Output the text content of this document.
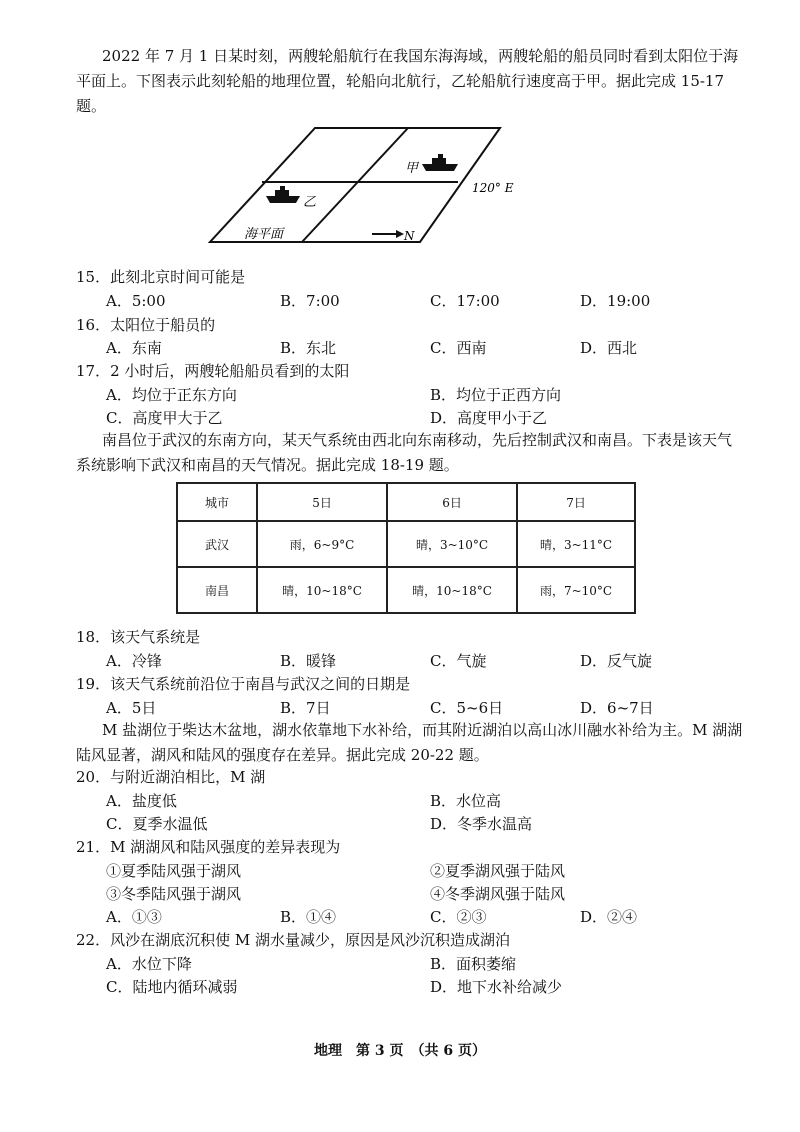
2022 年 7 月 1 日某时刻，两艘轮船航行在我国东海海域，两艘轮船的船员同时看到太阳位于海平面上。下图表示此刻轮船的地理位置，轮船向北航行，乙轮船航行速度高于甲。据此完成 15-17 题。
甲
乙
120° E
海平面	N
15．此刻北京时间可能是
A．5:00	B．7:00	C．17:00	D．19:00
16．太阳位于船员的
A．东南	B．东北	C．西南	D．西北
17．2 小时后，两艘轮船船员看到的太阳
A．均位于正东方向	B．均位于正西方向
C．高度甲大于乙	D．高度甲小于乙
南昌位于武汉的东南方向，某天气系统由西北向东南移动，先后控制武汉和南昌。下表是该天气系统影响下武汉和南昌的天气情况。据此完成 18-19 题。
城市	5日	6日	7日
武汉	雨，6~9°C	晴，3~10°C	晴，3~11°C
南昌	晴，10~18°C	晴，10~18°C	雨，7~10°C
18．该天气系统是
A．冷锋	B．暖锋	C．气旋	D．反气旋
19．该天气系统前沿位于南昌与武汉之间的日期是
A．5日	B．7日	C．5~6日	D．6~7日
M 盐湖位于柴达木盆地，湖水依靠地下水补给，而其附近湖泊以高山冰川融水补给为主。M 湖湖陆风显著，湖风和陆风的强度存在差异。据此完成 20-22 题。
20．与附近湖泊相比，M 湖
A．盐度低	B．水位高
C．夏季水温低	D．冬季水温高
21．M 湖湖风和陆风强度的差异表现为
①夏季陆风强于湖风	②夏季湖风强于陆风
③冬季陆风强于湖风	④冬季湖风强于陆风
A．①③	B．①④	C．②③	D．②④
22．风沙在湖底沉积使 M 湖水量减少，原因是风沙沉积造成湖泊
A．水位下降	B．面积萎缩
C．陆地内循环减弱	D．地下水补给减少
地理　第 3 页　（共 6 页）
